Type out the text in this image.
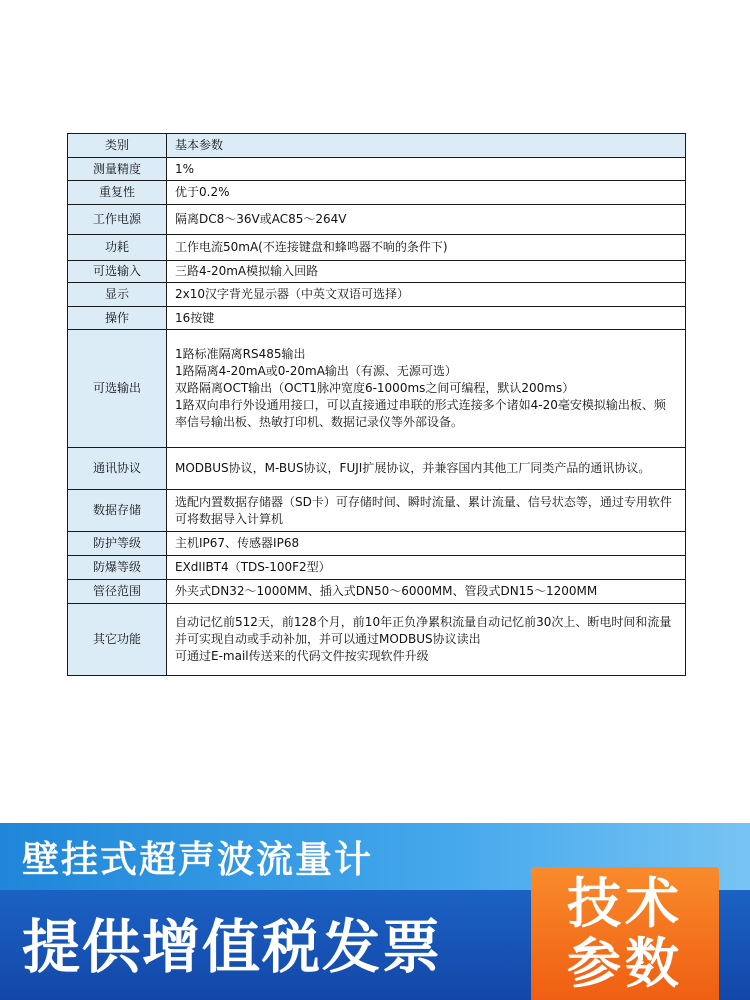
类别	基本参数
测量精度	1%

重复性	优于0.2%

工作电源	隔离DC8～36V或AC85～264V

功耗	工作电流50mA(不连接键盘和蜂鸣器不响的条件下)

可选输入	三路4-20mA模拟输入回路

显示	2x10汉字背光显示器（中英文双语可选择）

操作	16按键

可选输出	1路标准隔离RS485输出
1路隔离4-20mA或0-20mA输出（有源、无源可选）
双路隔离OCT输出（OCT1脉冲宽度6-1000ms之间可编程，默认200ms）
1路双向串行外设通用接口，可以直接通过串联的形式连接多个诸如4-20毫安模拟输出板、频率信号输出板、热敏打印机、数据记录仪等外部设备。

通讯协议	MODBUS协议，M-BUS协议，FUJI扩展协议，并兼容国内其他工厂同类产品的通讯协议。

数据存储	选配内置数据存储器（SD卡）可存储时间、瞬时流量、累计流量、信号状态等，通过专用软件可将数据导入计算机

防护等级	主机IP67、传感器IP68

防爆等级	EXdIIBT4（TDS-100F2型）

管径范围	外夹式DN32～1000MM、插入式DN50～6000MM、管段式DN15～1200MM

其它功能	自动记忆前512天，前128个月，前10年正负净累积流量自动记忆前30次上、断电时间和流量并可实现自动或手动补加，并可以通过MODBUS协议读出
可通过E-mail传送来的代码文件按实现软件升级
壁挂式超声波流量计
提供增值税发票
技术
参数
